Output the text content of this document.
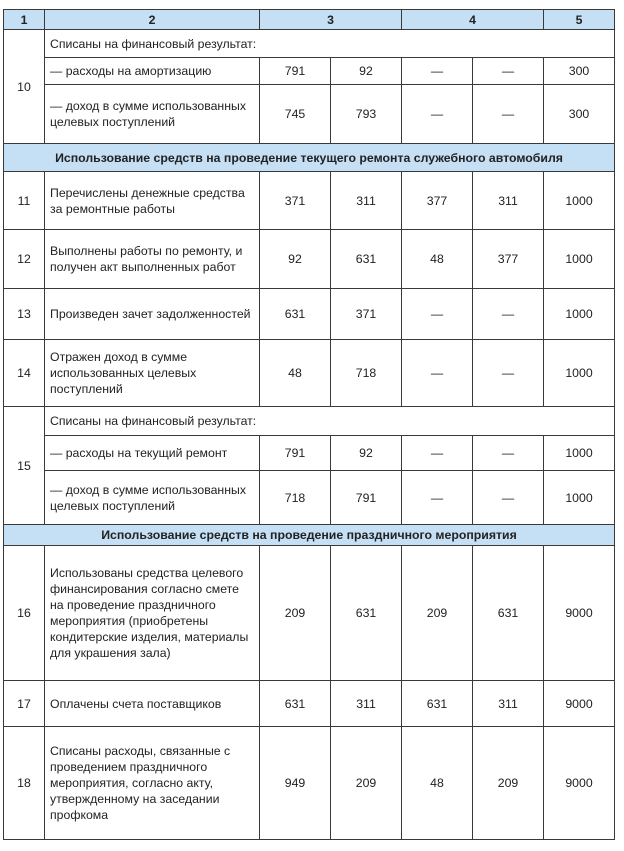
1	2	3		4		5
10	Списаны на финансовый результат:					
	— расходы на амортизацию	791	92	—	—	300
	— доход в сумме использованных целевых поступлений	745	793	—	—	300
Использование средств на проведение текущего ремонта служебного автомобиля						
11	Перечислены денежные средства за ремонтные работы	371	311	377	311	1000
12	Выполнены работы по ремонту, и получен акт выполненных работ	92	631	48	377	1000
13	Произведен зачет задолженностей	631	371	—	—	1000
14	Отражен доход в сумме использованных целевых поступлений	48	718	—	—	1000
15	Списаны на финансовый результат:					
	— расходы на текущий ремонт	791	92	—	—	1000
	— доход в сумме использованных целевых поступлений	718	791	—	—	1000
Использование средств на проведение праздничного мероприятия						
16	Использованы средства целевого финансирования согласно смете на проведение праздничного мероприятия (приобретены кондитерские изделия, материалы для украшения зала)	209	631	209	631	9000
17	Оплачены счета поставщиков	631	311	631	311	9000
18	Списаны расходы, связанные с проведением праздничного мероприятия, согласно акту, утвержденному на заседании профкома	949	209	48	209	9000
